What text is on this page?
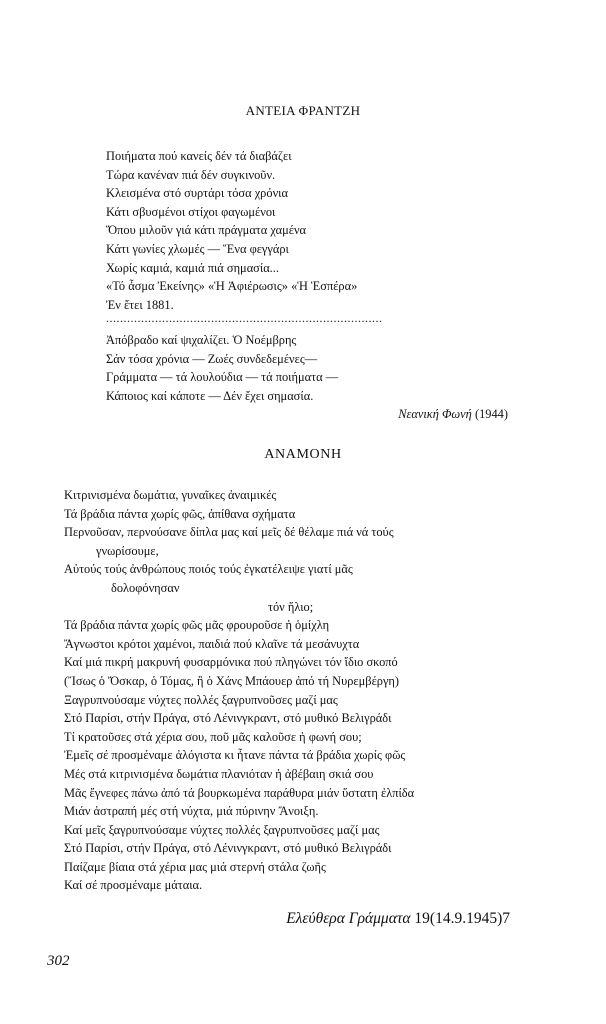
ΑΝΤΕΙΑ ΦΡΑΝΤΖΗ
Ποιήματα πού κανείς δέν τά διαβάζει
Τώρα κανέναν πιά δέν συγκινοῦν.
Κλεισμένα στό συρτάρι τόσα χρόνια
Κάτι σβυσμένοι στίχοι φαγωμένοι
Ὅπου μιλοῦν γιά κάτι πράγματα χαμένα
Κάτι γωνίες χλωμές — Ἕνα φεγγάρι
Χωρίς καμιά, καμιά πιά σημασία...
«Τό ἆσμα Ἐκείνης» «Ἡ Ἀφιέρωσις» «Ἡ Ἑσπέρα»
Ἐν ἔτει 1881.
...............................................................................
Ἀπόβραδο καί ψιχαλίζει. Ὁ Νοέμβρης
Σάν τόσα χρόνια — Ζωές συνδεδεμένες—
Γράμματα — τά λουλούδια — τά ποιήματα —
Κάποιος καί κάποτε — Δέν ἔχει σημασία.
Νεανική Φωνή (1944)
ΑΝΑΜΟΝΗ
Κιτρινισμένα δωμάτια, γυναῖκες ἀναιμικές
Τά βράδια πάντα χωρίς φῶς, ἀπίθανα σχήματα
Περνοῦσαν, περνούσανε δίπλα μας καί μεῖς δέ θέλαμε πιά νά τούς
γνωρίσουμε,
Αὐτούς τούς ἀνθρώπους ποιός τούς ἐγκατέλειψε γιατί μᾶς
δολοφόνησαν
τόν ἥλιο;
Τά βράδια πάντα χωρίς φῶς μᾶς φρουροῦσε ἡ ὁμίχλη
Ἄγνωστοι κρότοι χαμένοι, παιδιά πού κλαῖνε τά μεσάνυχτα
Καί μιά πικρή μακρυνή φυσαρμόνικα πού πληγώνει τόν ἴδιο σκοπό
(Ἴσως ὁ Ὄσκαρ, ὁ Τόμας, ἢ ὁ Χάνς Μπάουερ ἀπό τή Νυρεμβέργη)
Ξαγρυπνούσαμε νύχτες πολλές ξαγρυπνοῦσες μαζί μας
Στό Παρίσι, στήν Πράγα, στό Λένινγκραντ, στό μυθικό Βελιγράδι
Τί κρατοῦσες στά χέρια σου, ποῦ μᾶς καλοῦσε ἡ φωνή σου;
Ἐμεῖς σέ προσμέναμε ἀλόγιστα κι ἦτανε πάντα τά βράδια χωρίς φῶς
Μές στά κιτρινισμένα δωμάτια πλανιόταν ἡ ἀβέβαιη σκιά σου
Μᾶς ἔγνεφες πάνω ἀπό τά βουρκωμένα παράθυρα μιάν ὕστατη ἐλπίδα
Μιάν ἀστραπή μές στή νύχτα, μιά πύρινην Ἄνοιξη.
Καί μεῖς ξαγρυπνούσαμε νύχτες πολλές ξαγρυπνοῦσες μαζί μας
Στό Παρίσι, στήν Πράγα, στό Λένινγκραντ, στό μυθικό Βελιγράδι
Παίζαμε βίαια στά χέρια μας μιά στερνή στάλα ζωῆς
Καί σέ προσμέναμε μάταια.
Ελεύθερα Γράμματα 19(14.9.1945)7
302
